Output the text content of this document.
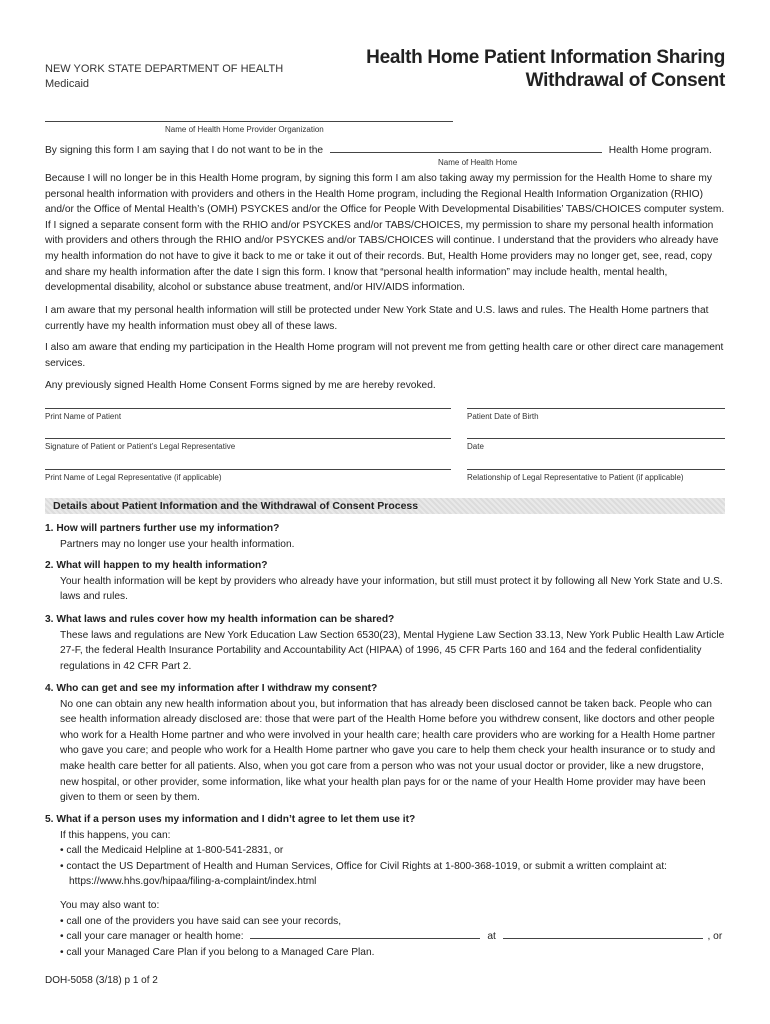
NEW YORK STATE DEPARTMENT OF HEALTH
Medicaid
Health Home Patient Information Sharing
Withdrawal of Consent
Name of Health Home Provider Organization
By signing this form I am saying that I do not want to be in the	Health Home program.
Name of Health Home
Because I will no longer be in this Health Home program, by signing this form I am also taking away my permission for the Health Home to share my personal health information with providers and others in the Health Home program, including the Regional Health Information Organization (RHIO) and/or the Office of Mental Health’s (OMH) PSYCKES and/or the Office for People With Developmental Disabilities’ TABS/CHOICES computer system. If I signed a separate consent form with the RHIO and/or PSYCKES and/or TABS/CHOICES, my permission to share my personal health information with providers and others through the RHIO and/or PSYCKES and/or TABS/CHOICES will continue. I understand that the providers who already have my health information do not have to give it back to me or take it out of their records. But, Health Home providers may no longer get, see, read, copy and share my health information after the date I sign this form. I know that “personal health information” may include health, mental health, developmental disability, alcohol or substance abuse treatment, and/or HIV/AIDS information.
I am aware that my personal health information will still be protected under New York State and U.S. laws and rules. The Health Home partners that currently have my health information must obey all of these laws.
I also am aware that ending my participation in the Health Home program will not prevent me from getting health care or other direct care management services.
Any previously signed Health Home Consent Forms signed by me are hereby revoked.
Print Name of Patient	Patient Date of Birth
Signature of Patient or Patient’s Legal Representative	Date
Print Name of Legal Representative (if applicable)	Relationship of Legal Representative to Patient (if applicable)
Details about Patient Information and the Withdrawal of Consent Process
1. How will partners further use my information?
Partners may no longer use your health information.
2. What will happen to my health information?
Your health information will be kept by providers who already have your information, but still must protect it by following all New York State and U.S. laws and rules.
3. What laws and rules cover how my health information can be shared?
These laws and regulations are New York Education Law Section 6530(23), Mental Hygiene Law Section 33.13, New York Public Health Law Article 27-F, the federal Health Insurance Portability and Accountability Act (HIPAA) of 1996, 45 CFR Parts 160 and 164 and the federal confidentiality regulations in 42 CFR Part 2.
4. Who can get and see my information after I withdraw my consent?
No one can obtain any new health information about you, but information that has already been disclosed cannot be taken back. People who can see health information already disclosed are: those that were part of the Health Home before you withdrew consent, like doctors and other people who work for a Health Home partner and who were involved in your health care; health care providers who are working for a Health Home partner who gave you care; and people who work for a Health Home partner who gave you care to help them check your health insurance or to study and make health care better for all patients. Also, when you got care from a person who was not your usual doctor or provider, like a new drugstore, new hospital, or other provider, some information, like what your health plan pays for or the name of your Health Home provider may have been given to them or seen by them.
5. What if a person uses my information and I didn’t agree to let them use it?
If this happens, you can:
• call the Medicaid Helpline at 1-800-541-2831, or
• contact the US Department of Health and Human Services, Office for Civil Rights at 1-800-368-1019, or submit a written complaint at:
https://www.hhs.gov/hipaa/filing-a-complaint/index.html
You may also want to:
• call one of the providers you have said can see your records,
• call your care manager or health home:	at	, or
• call your Managed Care Plan if you belong to a Managed Care Plan.
DOH-5058 (3/18) p 1 of 2
